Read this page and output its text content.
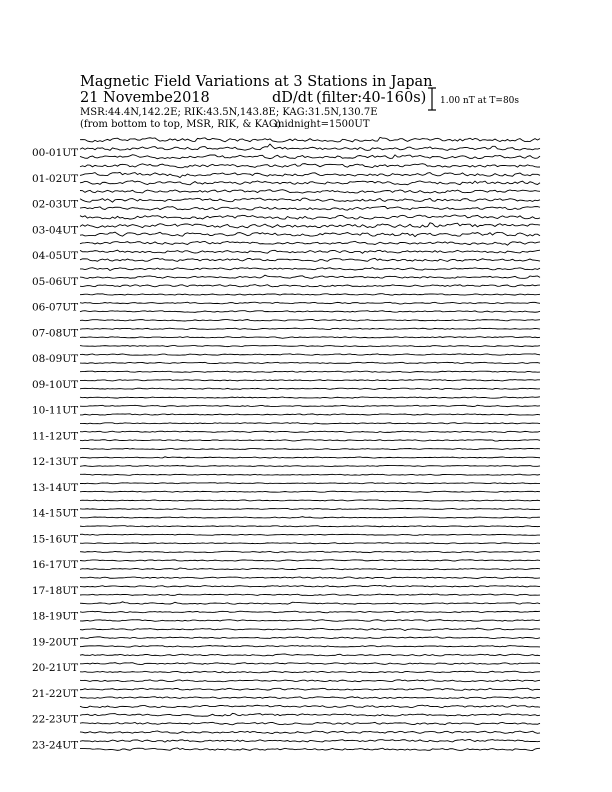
Magnetic Field Variations at 3 Stations in Japan
21 Novembe2018	dD/dt (filter:40-160s)
MSR:44.4N,142.2E; RIK:43.5N,143.8E; KAG:31.5N,130.7E
(from bottom to top, MSR, RIK, & KAG)
midnight=1500UT
1.00 nT at T=80s
00-01UT
01-02UT
02-03UT
03-04UT
04-05UT
05-06UT
06-07UT
07-08UT
08-09UT
09-10UT
10-11UT
11-12UT
12-13UT
13-14UT
14-15UT
15-16UT
16-17UT
17-18UT
18-19UT
19-20UT
20-21UT
21-22UT
22-23UT
23-24UT
